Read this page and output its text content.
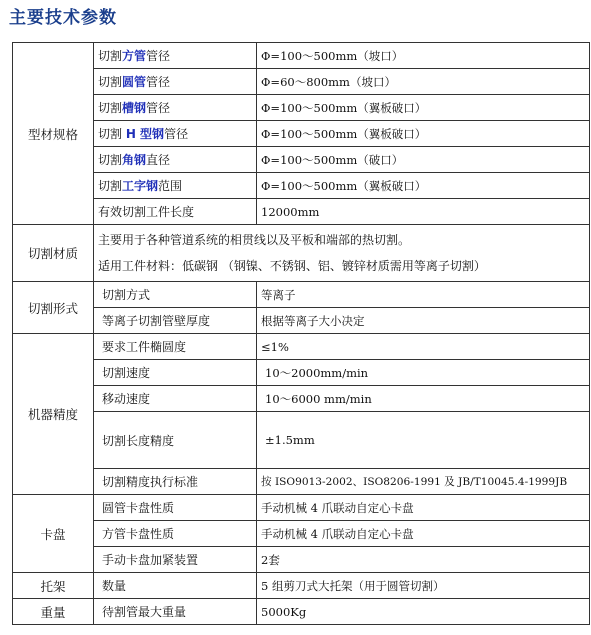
主要技术参数
型材规格	切割方管管径	Φ=100～500mm（坡口）
	切割圆管管径	Φ=60～800mm（坡口）
	切割槽钢管径	Φ=100～500mm（翼板破口）
	切割 H 型钢管径	Φ=100～500mm（翼板破口）
	切割角钢直径	Φ=100～500mm（破口）
	切割工字钢范围	Φ=100～500mm（翼板破口）
	有效切割工件长度	12000mm
切割材质	主要用于各种管道系统的相贯线以及平板和端部的热切割。
适用工件材料：低碳钢 （钢镍、不锈钢、铝、镀锌材质需用等离子切割）	

切割形式	切割方式	等离子
	等离子切割管壁厚度	根据等离子大小决定
机器精度	要求工件椭圆度	≤1%
	切割速度	10～2000mm/min
	移动速度	10～6000 mm/min
	切割长度精度	±1.5mm
	切割精度执行标准	按 ISO9013-2002、ISO8206-1991 及 JB/T10045.4-1999JB
卡盘	圆管卡盘性质	手动机械 4 爪联动自定心卡盘
	方管卡盘性质	手动机械 4 爪联动自定心卡盘
	手动卡盘加紧装置	2套
托架	数量	5 组剪刀式大托架（用于圆管切割）
重量	待割管最大重量	5000Kg
